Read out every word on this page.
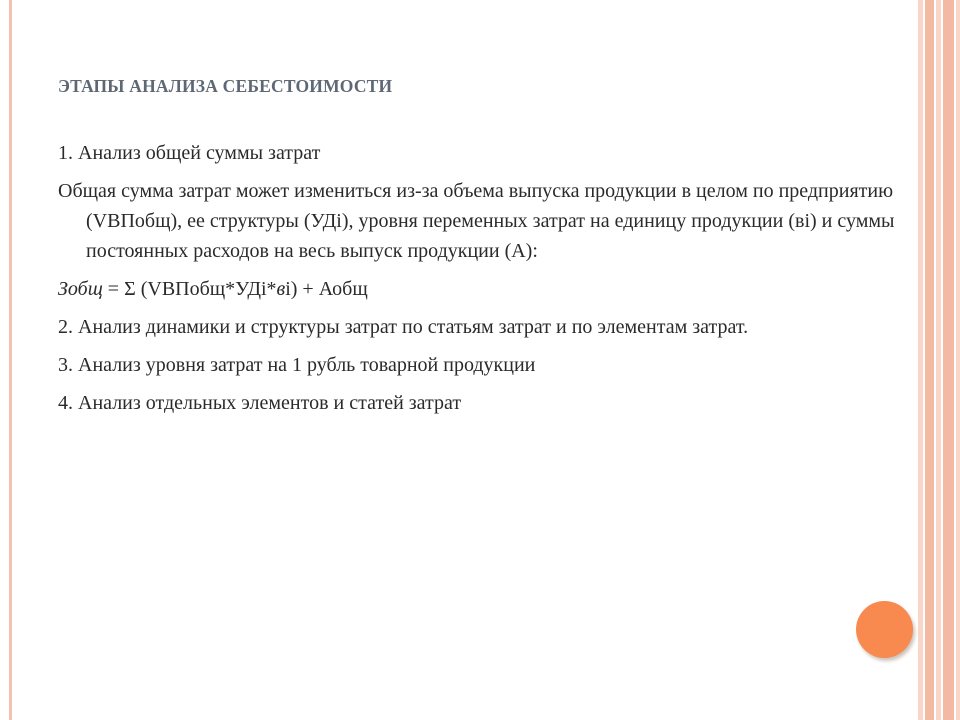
ЭТАПЫ АНАЛИЗА СЕБЕСТОИМОСТИ

1. Анализ общей суммы затрат

Общая сумма затрат может измениться из-за объема выпуска продукции в целом по предприятию (VBПобщ), ее структуры (УДі), уровня переменных затрат на единицу продукции (ві) и суммы постоянных расходов на весь выпуск продукции (А):

Зобщ = Σ (VBПобщ*УДі*ві) + Аобщ

2. Анализ динамики и структуры затрат по статьям затрат и по элементам затрат.

3. Анализ уровня затрат на 1 рубль товарной продукции

4. Анализ отдельных элементов и статей затрат
